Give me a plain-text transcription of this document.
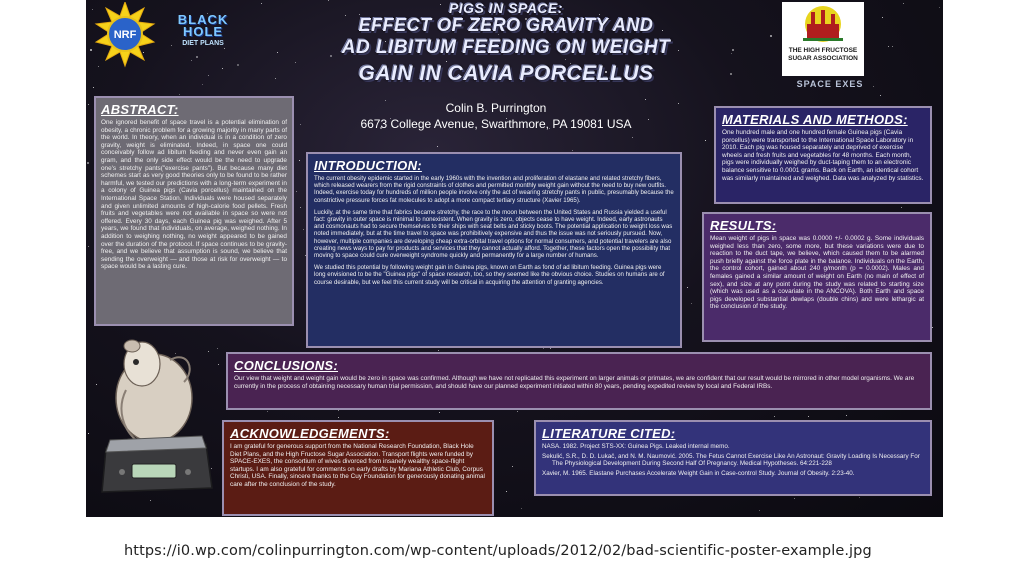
NRF
BLACK
HOLE
DIET PLANS
PIGS IN SPACE:
EFFECT OF ZERO GRAVITY AND
AD LIBITUM FEEDING ON WEIGHT
GAIN IN CAVIA PORCELLUS
Colin B. Purrington
6673 College Avenue, Swarthmore, PA 19081 USA
THE HIGH FRUCTOSE
SUGAR ASSOCIATION
SPACE EXES
ABSTRACT:

One ignored benefit of space travel is a potential elimination of obesity, a chronic problem for a growing majority in many parts of the world. In theory, when an individual is in a condition of zero gravity, weight is eliminated. Indeed, in space one could conceivably follow ad libitum feeding and never even gain an gram, and the only side effect would be the need to upgrade one's stretchy pants("exercise pants"). But because many diet schemes start as very good theories only to be found to be rather harmful, we tested our predictions with a long-term experiment in a colony of Guinea pigs (Cavia porcellus) maintained on the International Space Station. Individuals were housed separately and given unlimited amounts of high-calorie food pellets. Fresh fruits and vegetables were not available in space so were not offered. Every 30 days, each Guinea pig was weighed. After 5 years, we found that individuals, on average, weighed nothing. In addition to weighing nothing, no weight appeared to be gained over the duration of the protocol. If space continues to be gravity-free, and we believe that assumption is sound, we believe that sending the overweight — and those at risk for overweight — to space would be a lasting cure.

INTRODUCTION:

The current obesity epidemic started in the early 1960s with the invention and proliferation of elastane and related stretchy fibers, which released wearers from the rigid constraints of clothes and permitted monthly weight gain without the need to buy new outfits. Indeed, exercise today for hundreds of million people involve only the act of wearing stretchy pants in public, presumably because the constrictive pressure forces fat molecules to adopt a more compact tertiary structure (Xavier 1965).

Luckily, at the same time that fabrics became stretchy, the race to the moon between the United States and Russia yielded a useful fact: gravity in outer space is minimal to nonexistent. When gravity is zero, objects cease to have weight. Indeed, early astronauts and cosmonauts had to secure themselves to their ships with seat belts and sticky boots. The potential application to weight loss was noted immediately, but at the time travel to space was prohibitively expensive and thus the issue was not seriously pursued. Now, however, multiple companies are developing cheap extra-orbital travel options for normal consumers, and potential travelers are also creating news ways to pay for products and services that they cannot actually afford. Together, these factors open the possibility that moving to space could cure overweight syndrome quickly and permanently for a large number of humans.

We studied this potential by following weight gain in Guinea pigs, known on Earth as fond of ad libitum feeding. Guinea pigs were long envisioned to be the "Guinea pigs" of space research, too, so they seemed like the obvious choice. Studies on humans are of course desirable, but we feel this current study will be critical in acquiring the attention of granting agencies.

MATERIALS AND METHODS:

One hundred male and one hundred female Guinea pigs (Cavia porcellus) were transported to the International Space Laboratory in 2010. Each pig was housed separately and deprived of exercise wheels and fresh fruits and vegetables for 48 months. Each month, pigs were individually weighed by duct-taping them to an electronic balance sensitive to 0.0001 grams. Back on Earth, an identical cohort was similarly maintained and weighed. Data was analyzed by statistics.

RESULTS:

Mean weight of pigs in space was 0.0000 +/- 0.0002 g. Some individuals weighed less than zero, some more, but these variations were due to reaction to the duct tape, we believe, which caused them to be alarmed push briefly against the force plate in the balance. Individuals on the Earth, the control cohort, gained about 240 g/month (p = 0.0002). Males and females gained a similar amount of weight on Earth (no main of effect of sex), and size at any point during the study was related to starting size (which was used as a covariate in the ANCOVA). Both Earth and space pigs developed substantial dewlaps (double chins) and were lethargic at the conclusion of the study.

CONCLUSIONS:

Our view that weight and weight gain would be zero in space was confirmed. Although we have not replicated this experiment on larger animals or primates, we are confident that our result would be mirrored in other model organisms. We are currently in the process of obtaining necessary human trial permission, and should have our planned experiment initiated within 80 years, pending expedited review by local and Federal IRBs.

ACKNOWLEDGEMENTS:

I am grateful for generous support from the National Research Foundation, Black Hole Diet Plans, and the High Fructose Sugar Association. Transport flights were funded by SPACE-EXES, the consortium of wives divorced from insanely wealthy space-flight startups. I am also grateful for comments on early drafts by Mariana Athletic Club, Corpus Christi, USA. Finally, sincere thanks to the Cuy Foundation for generously donating animal care after the conclusion of the study.

LITERATURE CITED:

NASA. 1982. Project STS-XX: Guinea Pigs. Leaked internal memo.

Sekulić, S.R., D. D. Lukač, and N. M. Naumović. 2005. The Fetus Cannot Exercise Like An Astronaut: Gravity Loading Is Necessary For The Physiological Development During Second Half Of Pregnancy. Medical Hypotheses. 64:221-228

Xavier, M. 1965. Elastane Purchases Accelerate Weight Gain in Case-control Study. Journal of Obesity. 2:23-40.

https://i0.wp.com/colinpurrington.com/wp-content/uploads/2012/02/bad-scientific-poster-example.jpg
